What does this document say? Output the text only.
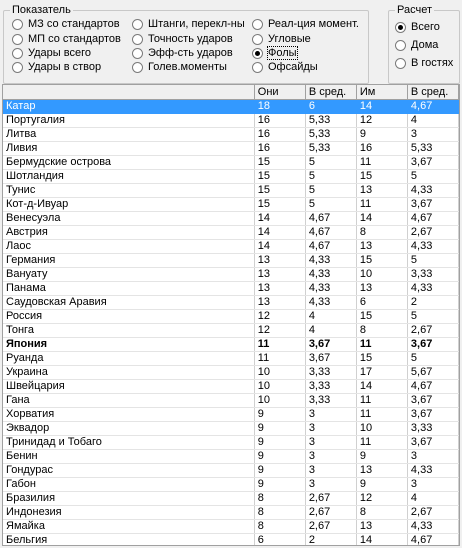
Показатель
МЗ со стандартов
МП со стандартов
Удары всего
Удары в створ
Штанги, перекл-ны
Точность ударов
Эфф-сть ударов
Голев.моменты
Реал-ция момент.
Угловые
Фолы
Офсайды
Расчет
Всего
Дома
В гостях
	Они	В сред.	Им	В сред.
Катар	18	6	14	4,67
Португалия	16	5,33	12	4
Литва	16	5,33	9	3
Ливия	16	5,33	16	5,33
Бермудские острова	15	5	11	3,67
Шотландия	15	5	15	5
Тунис	15	5	13	4,33
Кот-д-Ивуар	15	5	11	3,67
Венесуэла	14	4,67	14	4,67
Австрия	14	4,67	8	2,67
Лаос	14	4,67	13	4,33
Германия	13	4,33	15	5
Вануату	13	4,33	10	3,33
Панама	13	4,33	13	4,33
Саудовская Аравия	13	4,33	6	2
Россия	12	4	15	5
Тонга	12	4	8	2,67
Япония	11	3,67	11	3,67
Руанда	11	3,67	15	5
Украина	10	3,33	17	5,67
Швейцария	10	3,33	14	4,67
Гана	10	3,33	11	3,67
Хорватия	9	3	11	3,67
Эквадор	9	3	10	3,33
Тринидад и Тобаго	9	3	11	3,67
Бенин	9	3	9	3
Гондурас	9	3	13	4,33
Габон	9	3	9	3
Бразилия	8	2,67	12	4
Индонезия	8	2,67	8	2,67
Ямайка	8	2,67	13	4,33
Бельгия	6	2	14	4,67
